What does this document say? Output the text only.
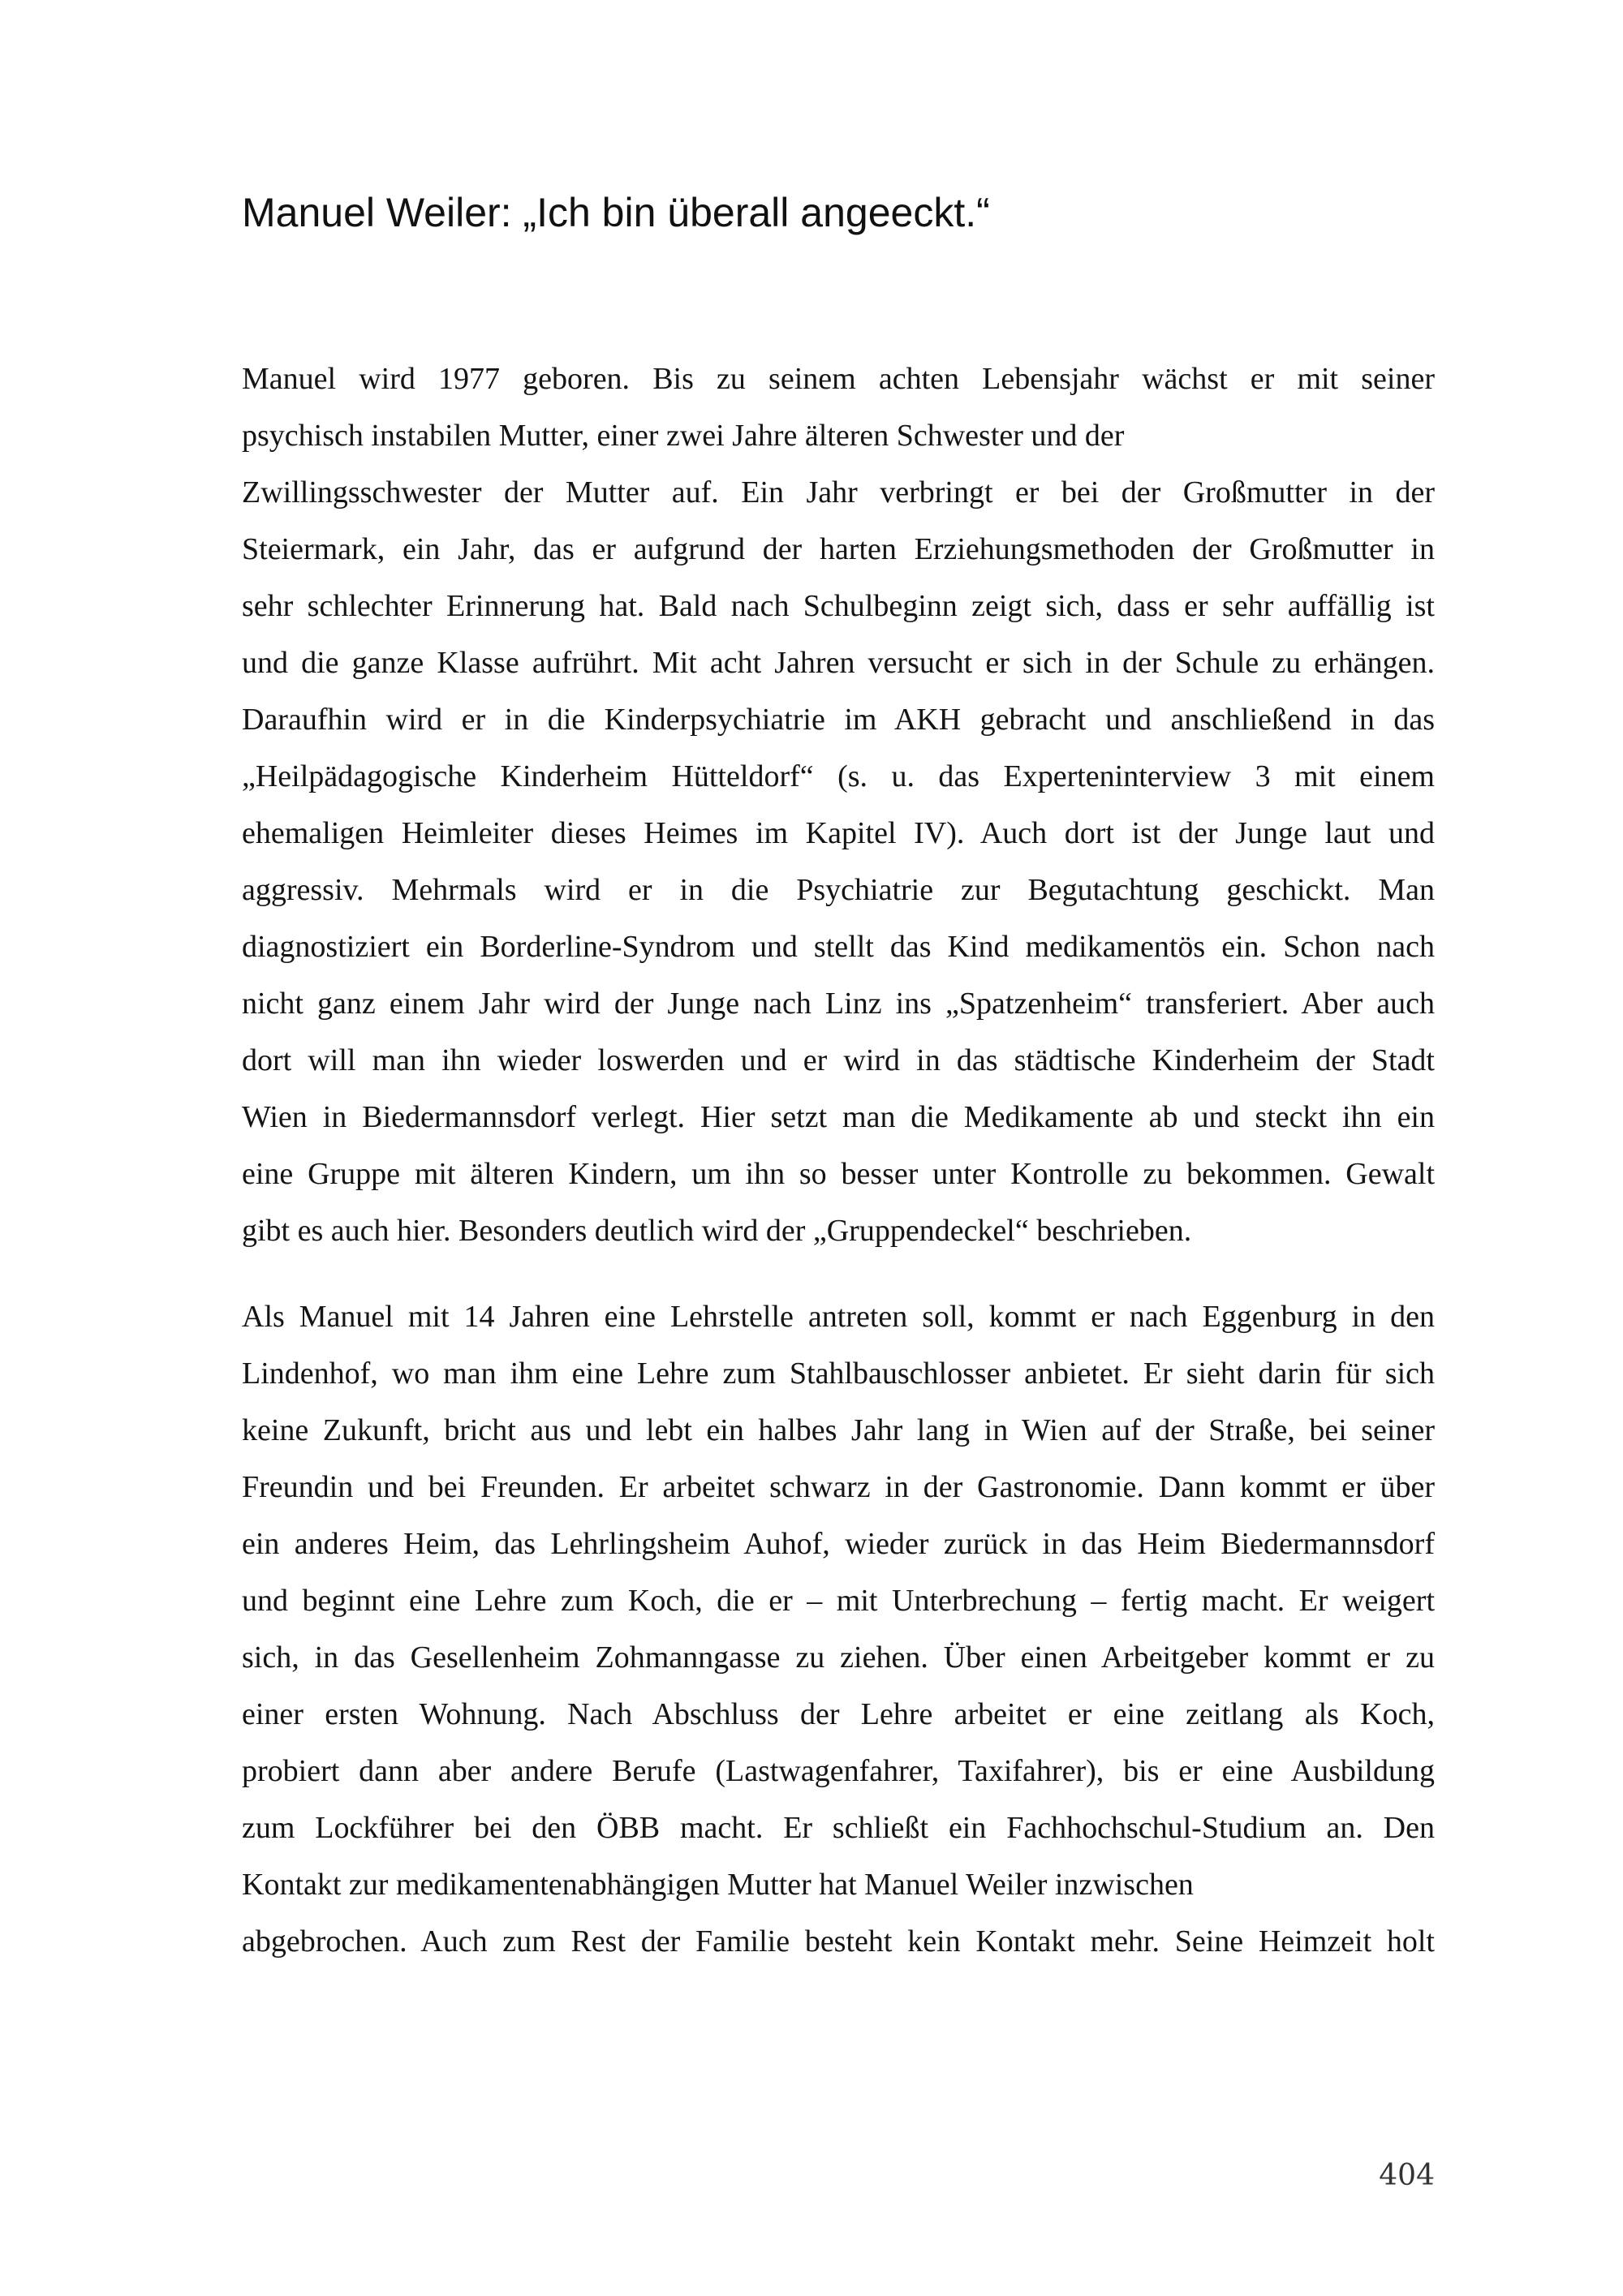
Manuel Weiler: „Ich bin überall angeeckt.“
Manuel wird 1977 geboren. Bis zu seinem achten Lebensjahr wächst er mit seiner
psychisch instabilen Mutter, einer zwei Jahre älteren Schwester und der
Zwillingsschwester der Mutter auf. Ein Jahr verbringt er bei der Großmutter in der
Steiermark, ein Jahr, das er aufgrund der harten Erziehungsmethoden der Großmutter in
sehr schlechter Erinnerung hat. Bald nach Schulbeginn zeigt sich, dass er sehr auffällig ist
und die ganze Klasse aufrührt. Mit acht Jahren versucht er sich in der Schule zu erhängen.
Daraufhin wird er in die Kinderpsychiatrie im AKH gebracht und anschließend in das
„Heilpädagogische Kinderheim Hütteldorf“ (s. u. das Experteninterview 3 mit einem
ehemaligen Heimleiter dieses Heimes im Kapitel IV). Auch dort ist der Junge laut und
aggressiv. Mehrmals wird er in die Psychiatrie zur Begutachtung geschickt. Man
diagnostiziert ein Borderline-Syndrom und stellt das Kind medikamentös ein. Schon nach
nicht ganz einem Jahr wird der Junge nach Linz ins „Spatzenheim“ transferiert. Aber auch
dort will man ihn wieder loswerden und er wird in das städtische Kinderheim der Stadt
Wien in Biedermannsdorf verlegt. Hier setzt man die Medikamente ab und steckt ihn ein
eine Gruppe mit älteren Kindern, um ihn so besser unter Kontrolle zu bekommen. Gewalt
gibt es auch hier. Besonders deutlich wird der „Gruppendeckel“ beschrieben.
Als Manuel mit 14 Jahren eine Lehrstelle antreten soll, kommt er nach Eggenburg in den
Lindenhof, wo man ihm eine Lehre zum Stahlbauschlosser anbietet. Er sieht darin für sich
keine Zukunft, bricht aus und lebt ein halbes Jahr lang in Wien auf der Straße, bei seiner
Freundin und bei Freunden. Er arbeitet schwarz in der Gastronomie. Dann kommt er über
ein anderes Heim, das Lehrlingsheim Auhof, wieder zurück in das Heim Biedermannsdorf
und beginnt eine Lehre zum Koch, die er – mit Unterbrechung – fertig macht. Er weigert
sich, in das Gesellenheim Zohmanngasse zu ziehen. Über einen Arbeitgeber kommt er zu
einer ersten Wohnung. Nach Abschluss der Lehre arbeitet er eine zeitlang als Koch,
probiert dann aber andere Berufe (Lastwagenfahrer, Taxifahrer), bis er eine Ausbildung
zum Lockführer bei den ÖBB macht. Er schließt ein Fachhochschul-Studium an. Den
Kontakt zur medikamentenabhängigen Mutter hat Manuel Weiler inzwischen
abgebrochen. Auch zum Rest der Familie besteht kein Kontakt mehr. Seine Heimzeit holt

404
